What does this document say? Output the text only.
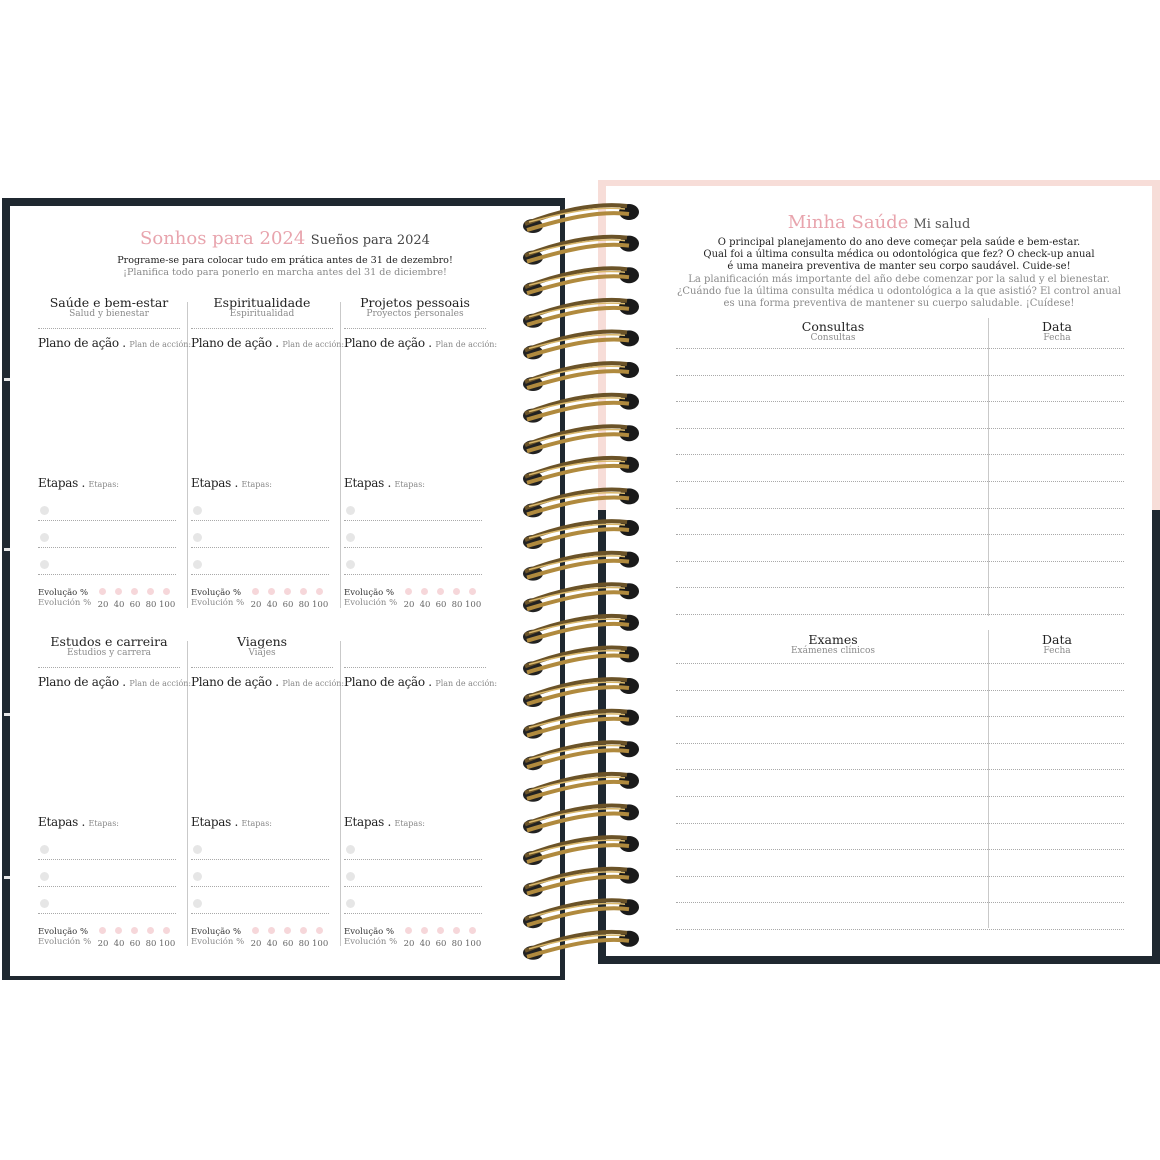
Sonhos para 2024 Sueños para 2024
Programe-se para colocar tudo em prática antes de 31 de dezembro!
¡Planifica todo para ponerlo en marcha antes del 31 de diciembre!
Saúde e bem-estar
Salud y bienestar
Plano de ação . Plan de acción:
Etapas . Etapas:
Evolução %
Evolución % 20 40 60 80 100
Espiritualidade
Espiritualidad
Plano de ação . Plan de acción:
Etapas . Etapas:
Evolução %
Evolución % 20 40 60 80 100
Projetos pessoais
Proyectos personales
Plano de ação . Plan de acción:
Etapas . Etapas:
Evolução %
Evolución % 20 40 60 80 100
Estudos e carreira
Estudios y carrera
Plano de ação . Plan de acción:
Etapas . Etapas:
Evolução %
Evolución % 20 40 60 80 100
Viagens
Viajes
Plano de ação . Plan de acción:
Etapas . Etapas:
Evolução %
Evolución % 20 40 60 80 100
Plano de ação . Plan de acción:
Etapas . Etapas:
Evolução %
Evolución % 20 40 60 80 100
Minha Saúde Mi salud
O principal planejamento do ano deve começar pela saúde e bem-estar.
Qual foi a última consulta médica ou odontológica que fez? O check-up anual
é uma maneira preventiva de manter seu corpo saudável. Cuide-se!
La planificación más importante del año debe comenzar por la salud y el bienestar.
¿Cuándo fue la última consulta médica u odontológica a la que asistió? El control anual
es una forma preventiva de mantener su cuerpo saludable. ¡Cuídese!
Consultas
Consultas
Data
Fecha
Exames
Exámenes clínicos
Data
Fecha
